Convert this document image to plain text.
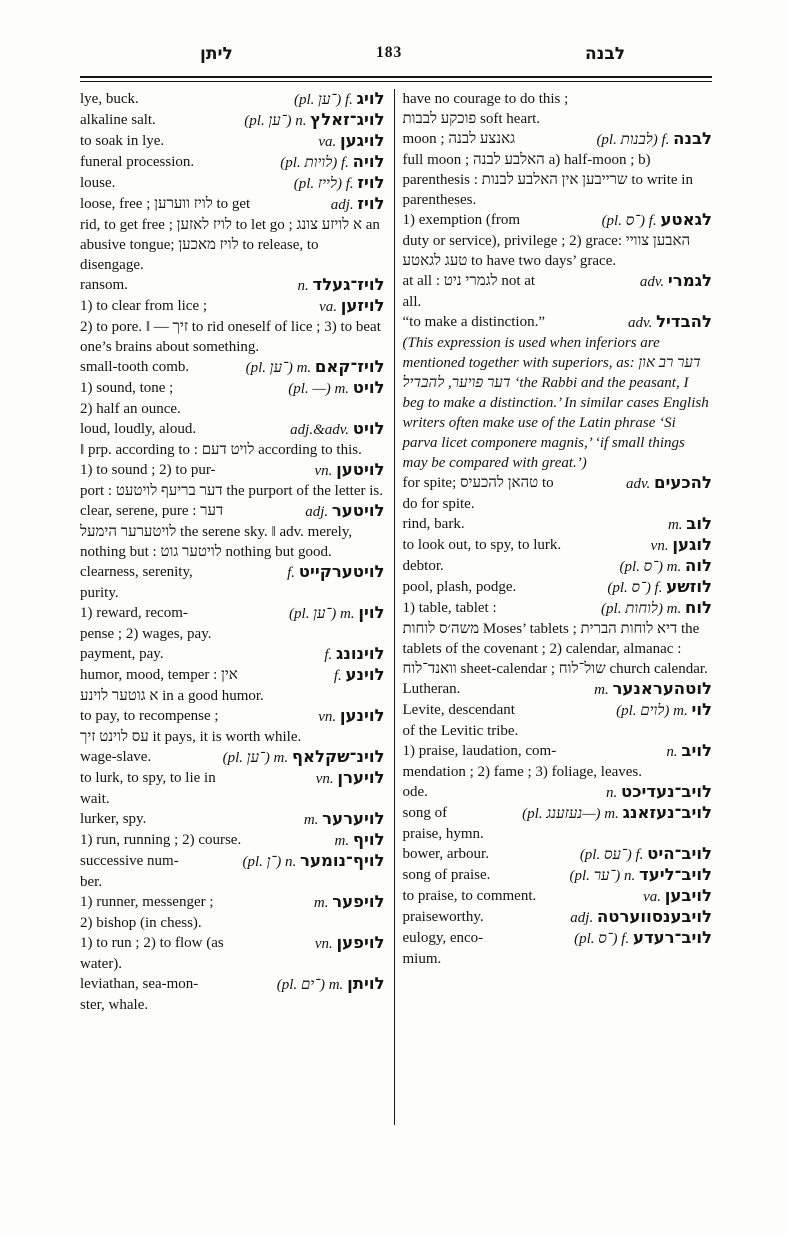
ליתן	183	לבנה
lye, buck.	(pl. ־ען) f. לויג
alkaline salt.	(pl. ־ען) n. לויג־זאלץ
to soak in lye.	va. לויגען
funeral procession.	(pl. לויות) f. לויה
louse.	(pl. לייז) f. לויז
loose, free ; לויז ווערען to get	adj. לויז
rid, to get free ; לויז לאזען to let go ; א לויזע צונג an abusive tongue; לויז מאכען to release, to disengage.
ransom.	n. לויז־געלד
1) to clear from lice ;	va. לויזען
2) to pore. ‖ — זיך to rid oneself of lice ; 3) to beat one’s brains about something.
small-tooth comb.	(pl. ־ען) m. לויז־קאם
1) sound, tone ;	(pl. —) m. לויט
2) half an ounce.
loud, loudly, aloud.	adj.&adv. לויט
‖ prp. according to : לויט דעם according to this.
1) to sound ; 2) to pur-	vn. לויטען
port : דער בריעף לויטעט the purport of the letter is.
clear, serene, pure : דער	adj. לויטער
לויטערער הימעל the serene sky. ‖ adv. merely, nothing but : לויטער גוט nothing but good.
clearness, serenity,	f. לויטערקייט
purity.
1) reward, recom-	(pl. ־ען) m. לוין
pense ; 2) wages, pay.
payment, pay.	f. לוינונג
humor, mood, temper : אין	f. לוינע
א גוטער לוינע in a good humor.
to pay, to recompense ;	vn. לוינען
עס לוינט זיך it pays, it is worth while.
wage-slave.	(pl. ־ען) m. לוינ־שקלאף
to lurk, to spy, to lie in	vn. לויערן
wait.
lurker, spy.	m. לויערער
1) run, running ; 2) course.	m. לויף
successive num-	(pl. ־ן) n. לויף־נומער
ber.
1) runner, messenger ;	m. לויפער
2) bishop (in chess).
1) to run ; 2) to flow (as	vn. לויפען
water).
leviathan, sea-mon-	(pl. ־ים) m. לויתן
ster, whale.
have no courage to do this ;
פוכקע לבבות soft heart.
moon ; גאנצע לבנה	(pl. לבנות) f. לבנה
full moon ; האלבע לבנה a) half-moon ; b) parenthesis : שרייבען אין האלבע לבנות to write in parentheses.
1) exemption (from	(pl. ־ס) f. לגאטע
duty or service), privilege ; 2) grace: האבען צוויי טעג לגאטע to have two days’ grace.
at all : לגמרי ניט not at	adv. לגמרי
all.
“to make a distinction.”	adv. להבדיל
(This expression is used when inferiors are mentioned together with superiors, as: דער רב און דער פויער, להבדיל ‘the Rabbi and the peasant, I beg to make a distinction.’ In similar cases English writers often make use of the Latin phrase ‘Si parva licet componere magnis,’ ‘if small things may be compared with great.’)
for spite; טהאן להכעיס to	adv. להכעים
do for spite.
rind, bark.	m. לוב
to look out, to spy, to lurk.	vn. לוגען
debtor.	(pl. ־ס) m. לוה
pool, plash, podge.	(pl. ־ס) f. לוזשע
1) table, tablet :	(pl. לוחות) m. לוח
משה׳ס לוחות Moses’ tablets ; דיא לוחות הברית the tablets of the covenant ; 2) calendar, almanac : וואנד־לוח sheet-calendar ; שול־לוח church calendar.
Lutheran.	m. לוטהעראנער
Levite, descendant	(pl. לוים) m. לוי
of the Levitic tribe.
1) praise, laudation, com-	n. לויב
mendation ; 2) fame ; 3) foliage, leaves.
ode.	n. לויב־נעדיכט
song of	(pl. נעזענג—) m. לויב־נעזאנג
praise, hymn.
bower, arbour.	(pl. ־עס) f. לויב־היט
song of praise.	(pl. ־ער) n. לויב־ליעד
to praise, to comment.	va. לויבען
praiseworthy.	adj. לויבענסווערטה
eulogy, enco-	(pl. ־ס) f. לויב־רעדע
mium.
